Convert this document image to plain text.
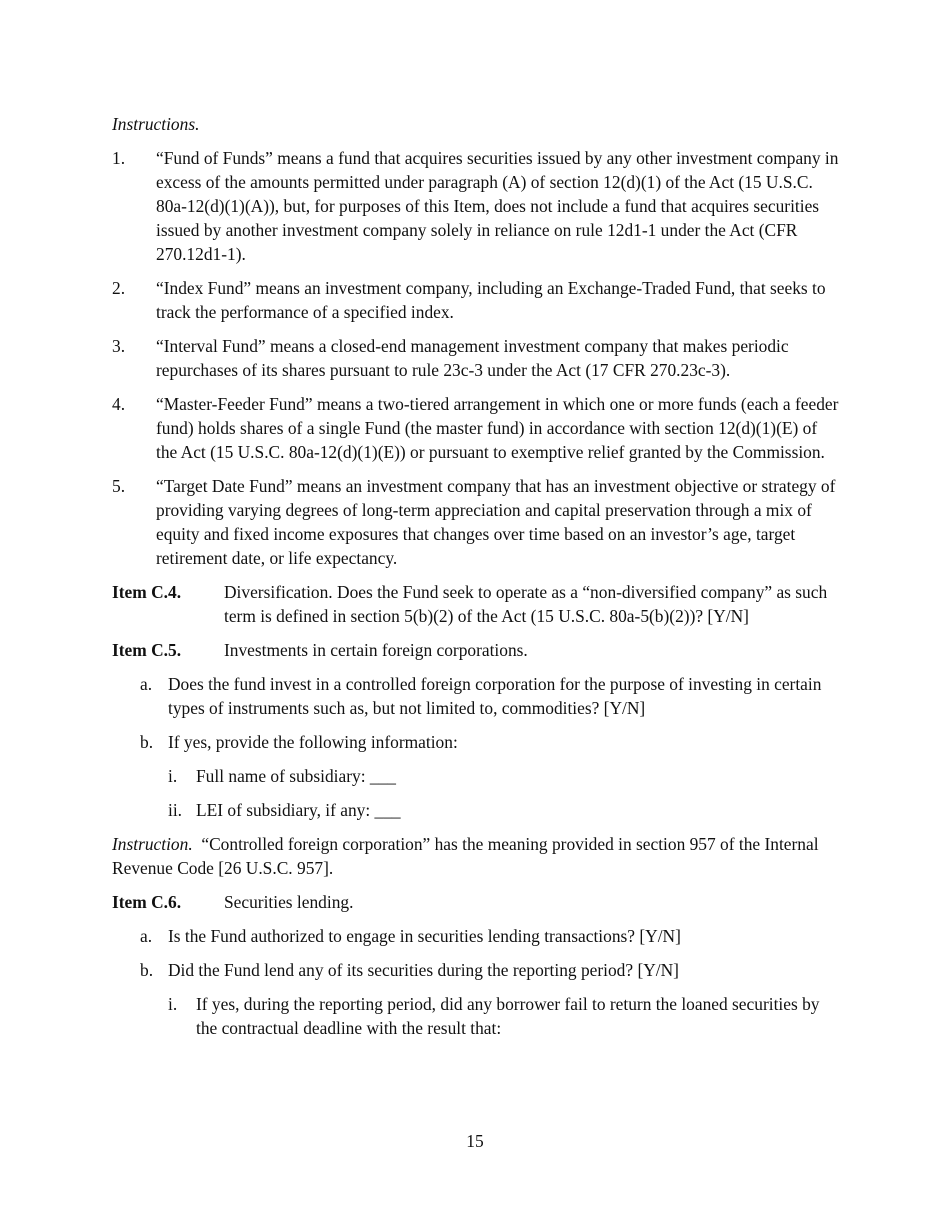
Instructions.

1.	“Fund of Funds” means a fund that acquires securities issued by any other investment company in excess of the amounts permitted under paragraph (A) of section 12(d)(1) of the Act (15 U.S.C. 80a-12(d)(1)(A)), but, for purposes of this Item, does not include a fund that acquires securities issued by another investment company solely in reliance on rule 12d1-1 under the Act (CFR 270.12d1-1).
2.	“Index Fund” means an investment company, including an Exchange-Traded Fund, that seeks to track the performance of a specified index.
3.	“Interval Fund” means a closed-end management investment company that makes periodic repurchases of its shares pursuant to rule 23c-3 under the Act (17 CFR 270.23c-3).
4.	“Master-Feeder Fund” means a two-tiered arrangement in which one or more funds (each a feeder fund) holds shares of a single Fund (the master fund) in accordance with section 12(d)(1)(E) of the Act (15 U.S.C. 80a-12(d)(1)(E)) or pursuant to exemptive relief granted by the Commission.
5.	“Target Date Fund” means an investment company that has an investment objective or strategy of providing varying degrees of long-term appreciation and capital preservation through a mix of equity and fixed income exposures that changes over time based on an investor’s age, target retirement date, or life expectancy.
Item C.4.	Diversification. Does the Fund seek to operate as a “non-diversified company” as such term is defined in section 5(b)(2) of the Act (15 U.S.C. 80a-5(b)(2))? [Y/N]
Item C.5.	Investments in certain foreign corporations.
a. Does the fund invest in a controlled foreign corporation for the purpose of investing in certain types of instruments such as, but not limited to, commodities? [Y/N]
b. If yes, provide the following information:
i.	Full name of subsidiary: ___
ii. LEI of subsidiary, if any: ___

Instruction.  “Controlled foreign corporation” has the meaning provided in section 957 of the Internal Revenue Code [26 U.S.C. 957].

Item C.6.	Securities lending.
a. Is the Fund authorized to engage in securities lending transactions? [Y/N]
b. Did the Fund lend any of its securities during the reporting period? [Y/N]
i.	If yes, during the reporting period, did any borrower fail to return the loaned securities by the contractual deadline with the result that:
15
